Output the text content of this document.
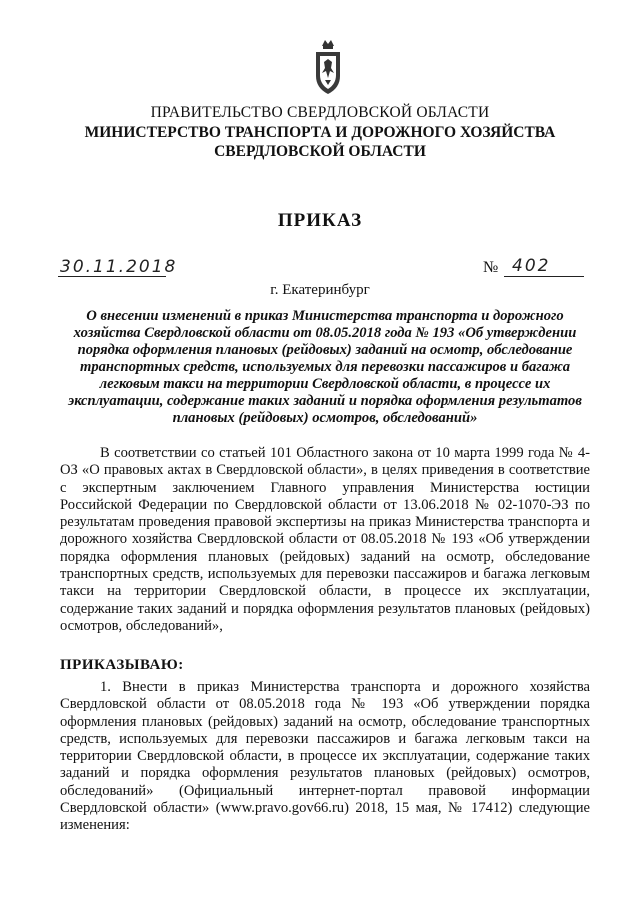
ПРАВИТЕЛЬСТВО СВЕРДЛОВСКОЙ ОБЛАСТИ
МИНИСТЕРСТВО ТРАНСПОРТА И ДОРОЖНОГО ХОЗЯЙСТВА
СВЕРДЛОВСКОЙ ОБЛАСТИ
ПРИКАЗ
30.11.2018	№ 402
г. Екатеринбург
О внесении изменений в приказ Министерства транспорта и дорожного хозяйства Свердловской области от 08.05.2018 года № 193 «Об утверждении порядка оформления плановых (рейдовых) заданий на осмотр, обследование транспортных средств, используемых для перевозки пассажиров и багажа легковым такси на территории Свердловской области, в процессе их эксплуатации, содержание таких заданий и порядка оформления результатов плановых (рейдовых) осмотров, обследований»

В соответствии со статьей 101 Областного закона от 10 марта 1999 года № 4-ОЗ «О правовых актах в Свердловской области», в целях приведения в соответствие с экспертным заключением Главного управления Министерства юстиции Российской Федерации по Свердловской области от 13.06.2018 № 02-1070-ЭЗ по результатам проведения правовой экспертизы на приказ Министерства транспорта и дорожного хозяйства Свердловской области от 08.05.2018 № 193 «Об утверждении порядка оформления плановых (рейдовых) заданий на осмотр, обследование транспортных средств, используемых для перевозки пассажиров и багажа легковым такси на территории Свердловской области, в процессе их эксплуатации, содержание таких заданий и порядка оформления результатов плановых (рейдовых) осмотров, обследований»,

ПРИКАЗЫВАЮ:

1. Внести в приказ Министерства транспорта и дорожного хозяйства Свердловской области от 08.05.2018 года № 193 «Об утверждении порядка оформления плановых (рейдовых) заданий на осмотр, обследование транспортных средств, используемых для перевозки пассажиров и багажа легковым такси на территории Свердловской области, в процессе их эксплуатации, содержание таких заданий и порядка оформления результатов плановых (рейдовых) осмотров, обследований» (Официальный интернет-портал правовой информации Свердловской области» (www.pravo.gov66.ru) 2018, 15 мая, № 17412) следующие изменения:
